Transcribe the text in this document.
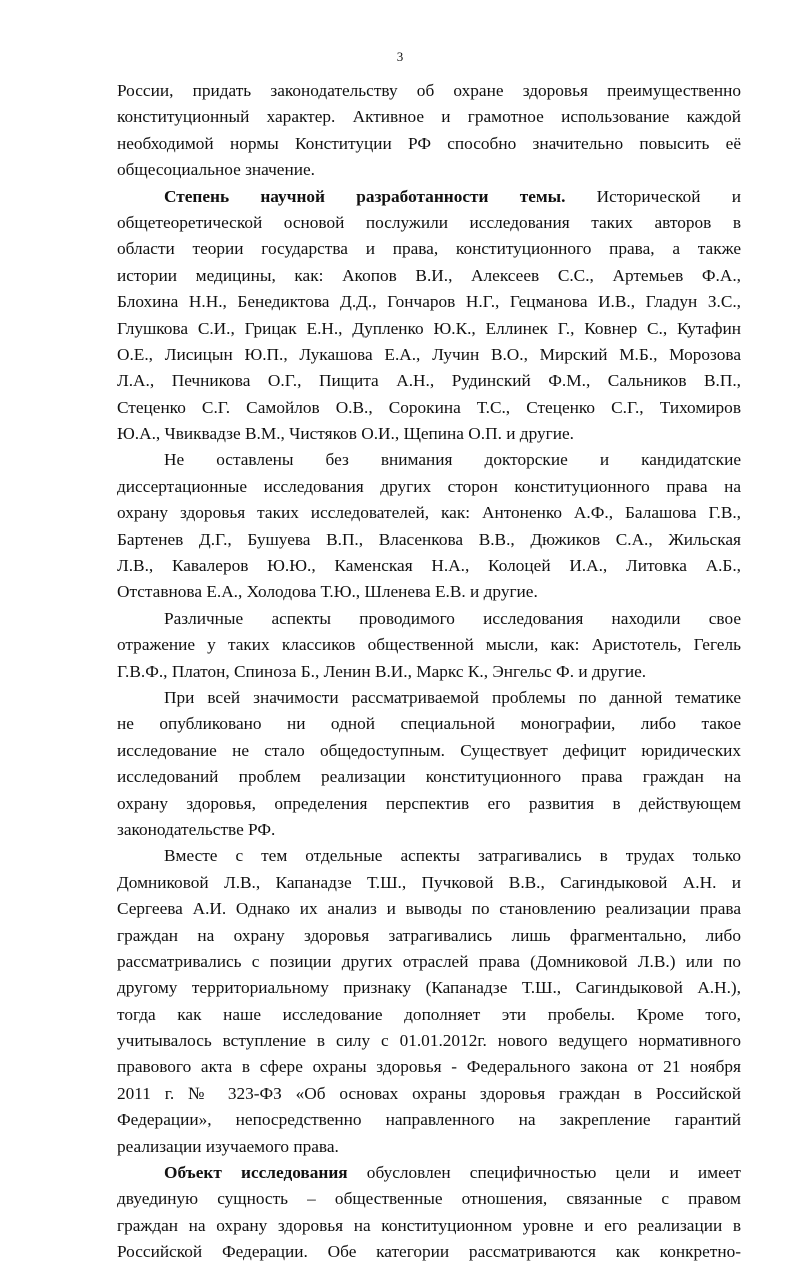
3
России, придать законодательству об охране здоровья преимущественно
конституционный характер. Активное и грамотное использование каждой
необходимой нормы Конституции РФ способно значительно повысить её
общесоциальное значение.
Степень научной разработанности темы. Исторической и
общетеоретической основой послужили исследования таких авторов в
области теории государства и права, конституционного права, а также
истории медицины, как: Акопов В.И., Алексеев С.С., Артемьев Ф.А.,
Блохина Н.Н., Бенедиктова Д.Д., Гончаров Н.Г., Гецманова И.В., Гладун З.С.,
Глушкова С.И., Грицак Е.Н., Дупленко Ю.К., Еллинек Г., Ковнер С., Кутафин
О.Е., Лисицын Ю.П., Лукашова Е.А., Лучин В.О., Мирский М.Б., Морозова
Л.А., Печникова О.Г., Пищита А.Н., Рудинский Ф.М., Сальников В.П.,
Стеценко С.Г. Самойлов О.В., Сорокина Т.С., Стеценко С.Г., Тихомиров
Ю.А., Чвиквадзе В.М., Чистяков О.И., Щепина О.П. и другие.
Не оставлены без внимания докторские и кандидатские
диссертационные исследования других сторон конституционного права на
охрану здоровья таких исследователей, как: Антоненко А.Ф., Балашова Г.В.,
Бартенев Д.Г., Бушуева В.П., Власенкова В.В., Дюжиков С.А., Жильская
Л.В., Кавалеров Ю.Ю., Каменская Н.А., Колоцей И.А., Литовка А.Б.,
Отставнова Е.А., Холодова Т.Ю., Шленева Е.В. и другие.
Различные аспекты проводимого исследования находили свое
отражение у таких классиков общественной мысли, как: Аристотель, Гегель
Г.В.Ф., Платон, Спиноза Б., Ленин В.И., Маркс К., Энгельс Ф. и другие.
При всей значимости рассматриваемой проблемы по данной тематике
не опубликовано ни одной специальной монографии, либо такое
исследование не стало общедоступным. Существует дефицит юридических
исследований проблем реализации конституционного права граждан на
охрану здоровья, определения перспектив его развития в действующем
законодательстве РФ.
Вместе с тем отдельные аспекты затрагивались в трудах только
Домниковой Л.В., Капанадзе Т.Ш., Пучковой В.В., Сагиндыковой А.Н. и
Сергеева А.И. Однако их анализ и выводы по становлению реализации права
граждан на охрану здоровья затрагивались лишь фрагментально, либо
рассматривались с позиции других отраслей права (Домниковой Л.В.) или по
другому территориальному признаку (Капанадзе Т.Ш., Сагиндыковой А.Н.),
тогда как наше исследование дополняет эти пробелы. Кроме того,
учитывалось вступление в силу с 01.01.2012г. нового ведущего нормативного
правового акта в сфере охраны здоровья - Федерального закона от 21 ноября
2011 г. № 323-ФЗ «Об основах охраны здоровья граждан в Российской
Федерации», непосредственно направленного на закрепление гарантий
реализации изучаемого права.
Объект исследования обусловлен специфичностью цели и имеет
двуединую сущность – общественные отношения, связанные с правом
граждан на охрану здоровья на конституционном уровне и его реализации в
Российской Федерации. Обе категории рассматриваются как конкретно-
